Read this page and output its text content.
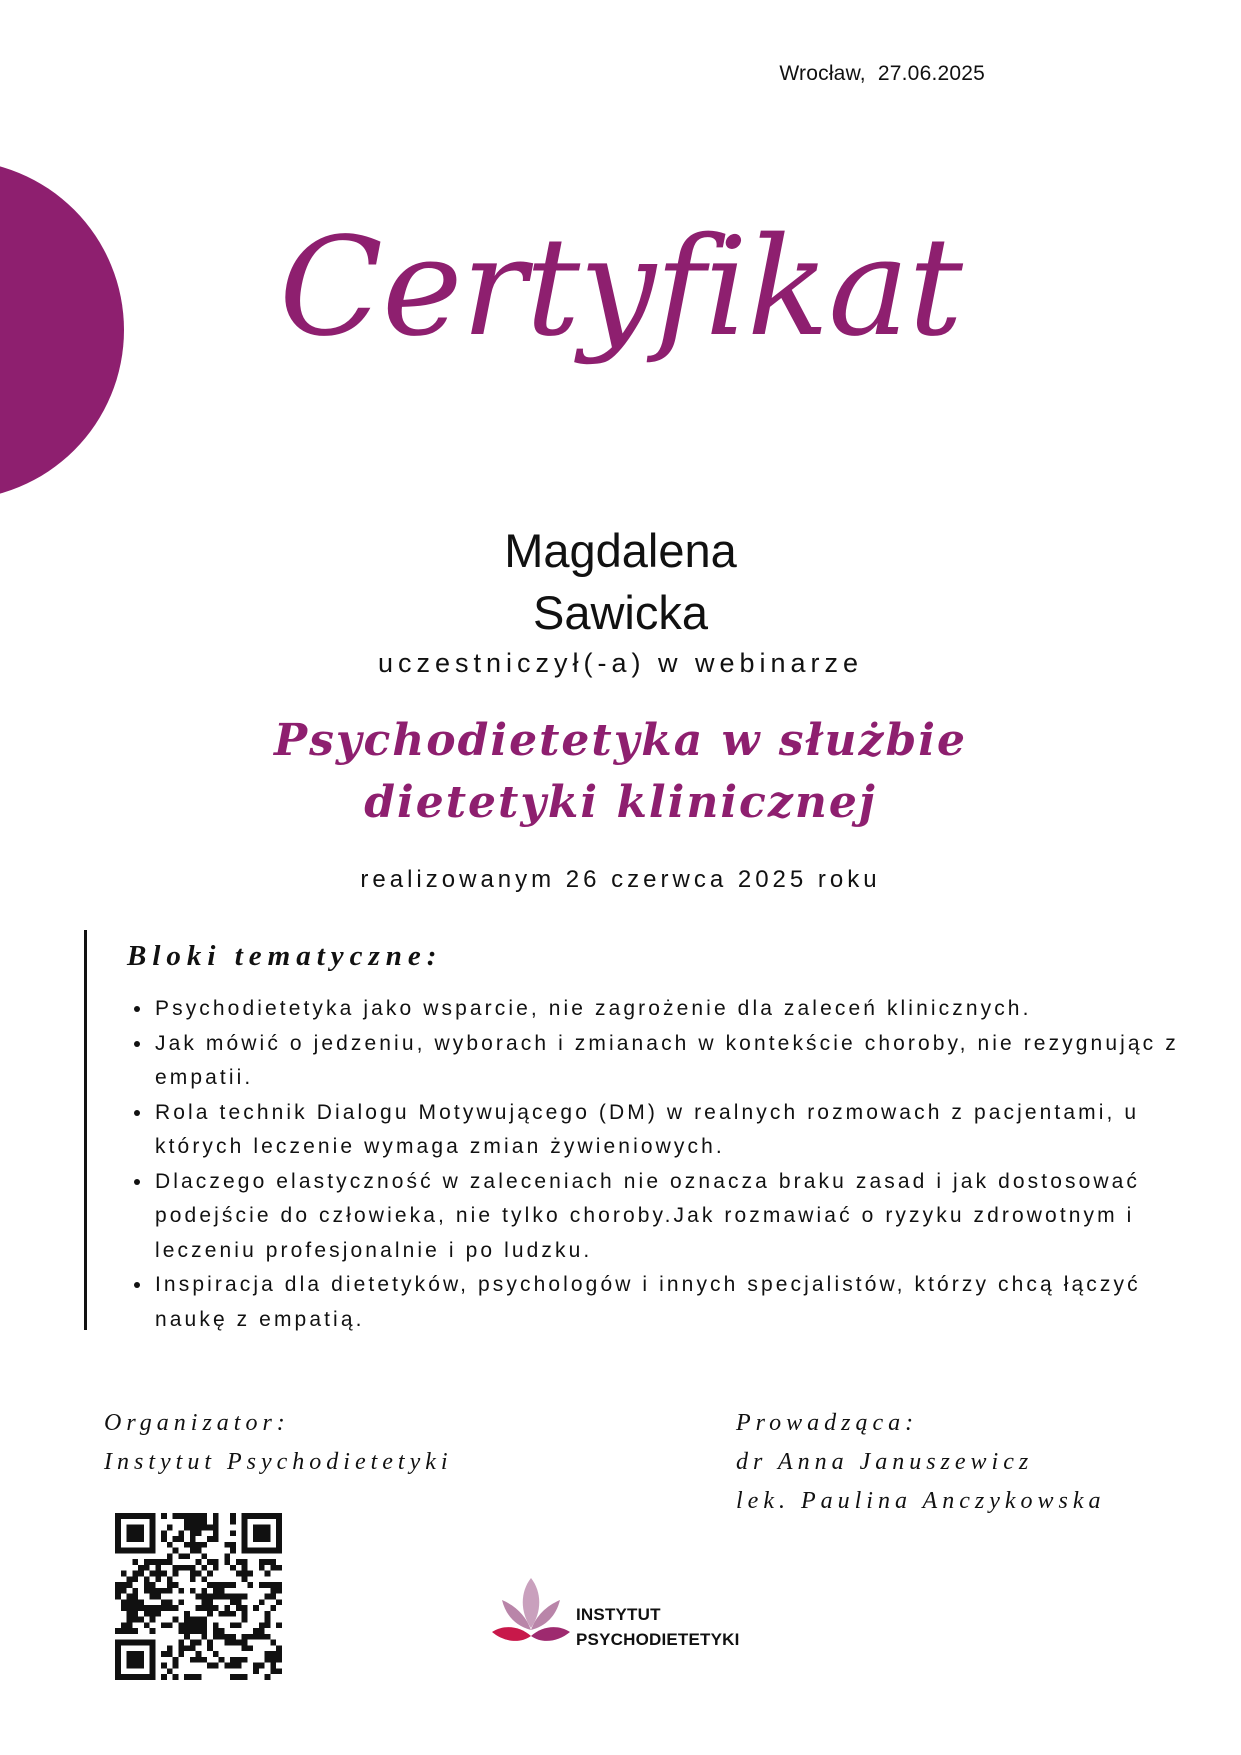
Wrocław, 27.06.2025
Certyfikat
Magdalena
Sawicka
uczestniczył(-a) w webinarze
Psychodietetyka w służbie dietetyki klinicznej
realizowanym 26 czerwca 2025 roku
Bloki tematyczne:
• Psychodietetyka jako wsparcie, nie zagrożenie dla zaleceń klinicznych.
• Jak mówić o jedzeniu, wyborach i zmianach w kontekście choroby, nie rezygnując z empatii.
• Rola technik Dialogu Motywującego (DM) w realnych rozmowach z pacjentami, u których leczenie wymaga zmian żywieniowych.
• Dlaczego elastyczność w zaleceniach nie oznacza braku zasad i jak dostosować podejście do człowieka, nie tylko choroby.Jak rozmawiać o ryzyku zdrowotnym i leczeniu profesjonalnie i po ludzku.
• Inspiracja dla dietetyków, psychologów i innych specjalistów, którzy chcą łączyć naukę z empatią.
Organizator:
Instytut Psychodietetyki
Prowadząca:
dr Anna Januszewicz
lek. Paulina Anczykowska
INSTYTUT
PSYCHODIETETYKI
